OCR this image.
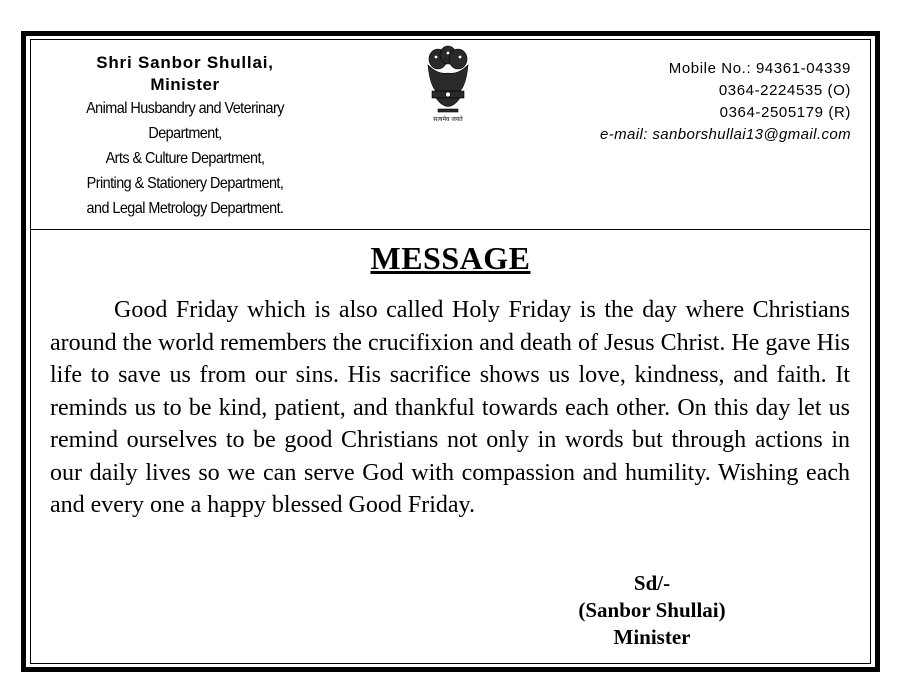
Shri Sanbor Shullai,
Minister
Animal Husbandry and Veterinary
Department,
Arts & Culture Department,
Printing & Stationery Department,
and Legal Metrology Department.
सत्यमेव जयते
Mobile No.: 94361-04339
0364-2224535 (O)
0364-2505179 (R)
e-mail: sanborshullai13@gmail.com
MESSAGE

Good Friday which is also called Holy Friday is the day where Christians around the world remembers the crucifixion and death of Jesus Christ. He gave His life to save us from our sins. His sacrifice shows us love, kindness, and faith. It reminds us to be kind, patient, and thankful towards each other. On this day let us remind ourselves to be good Christians not only in words but through actions in our daily lives so we can serve God with compassion and humility. Wishing each and every one a happy blessed Good Friday.

Sd/-
(Sanbor Shullai)
Minister
